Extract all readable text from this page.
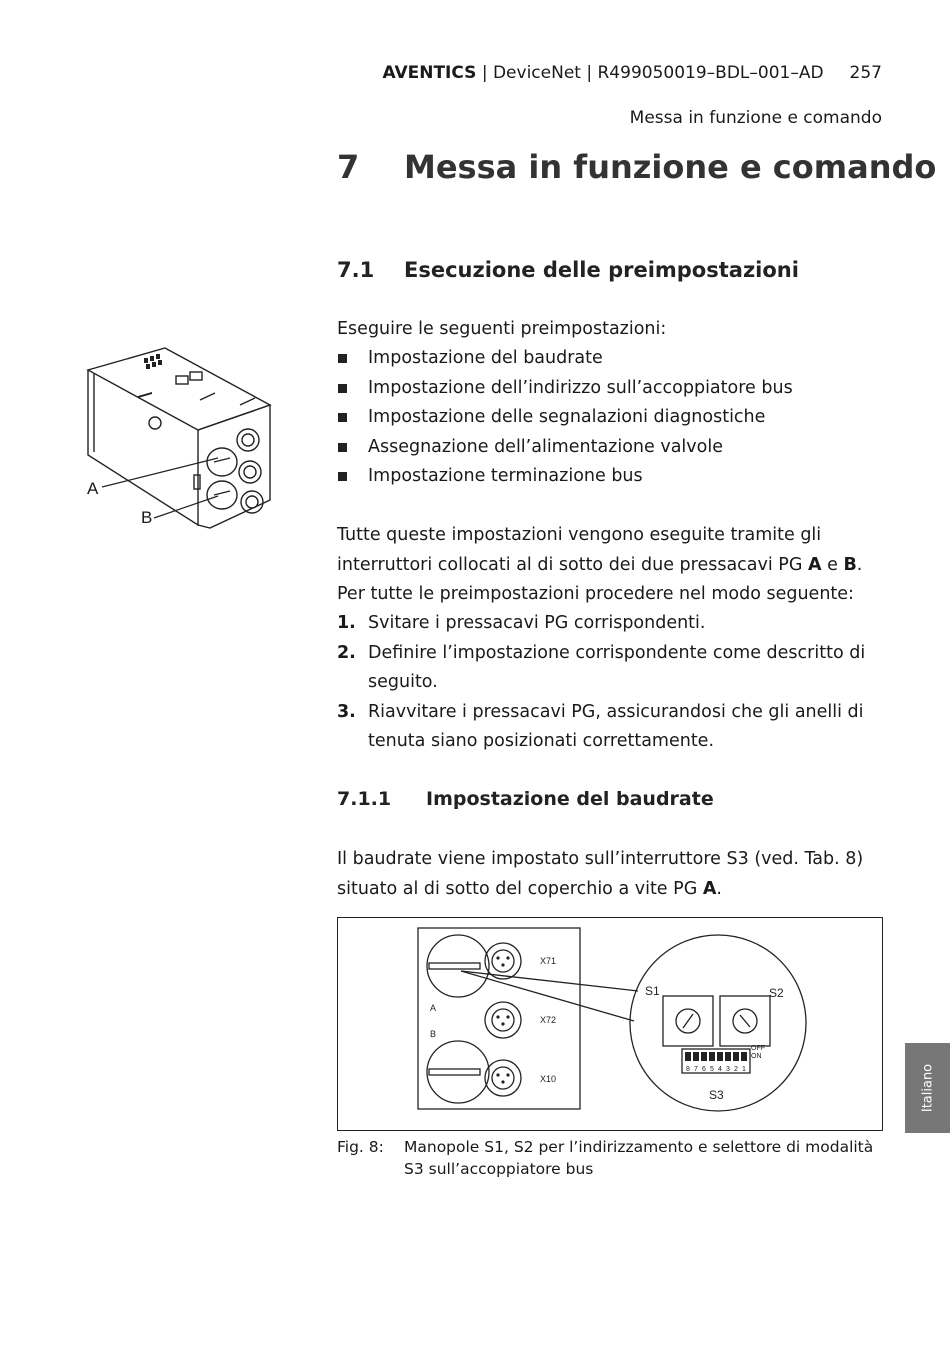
AVENTICS | DeviceNet | R499050019–BDL–001–AD 257
Messa in funzione e comando
7 Messa in funzione e comando
7.1 Esecuzione delle preimpostazioni
Eseguire le seguenti preimpostazioni:
Impostazione del baudrate
Impostazione dell’indirizzo sull’accoppiatore bus
Impostazione delle segnalazioni diagnostiche
Assegnazione dell’alimentazione valvole
Impostazione terminazione bus
A
B
Tutte queste impostazioni vengono eseguite tramite gli interruttori collocati al di sotto dei due pressacavi PG A e B.
Per tutte le preimpostazioni procedere nel modo seguente:
1. Svitare i pressacavi PG corrispondenti.
2. Definire l’impostazione corrispondente come descritto di seguito.
3. Riavvitare i pressacavi PG, assicurandosi che gli anelli di tenuta siano posizionati correttamente.
7.1.1 Impostazione del baudrate
Il baudrate viene impostato sull’interruttore S3 (ved. Tab. 8) situato al di sotto del coperchio a vite PG A.
X71
X72
X10
A
B
OFF
ON
8 7 6 5 4 3 2 1
S1	S2
S3
Fig. 8: Manopole S1, S2 per l’indirizzamento e selettore di modalità S3 sull’accoppiatore bus
Italiano
